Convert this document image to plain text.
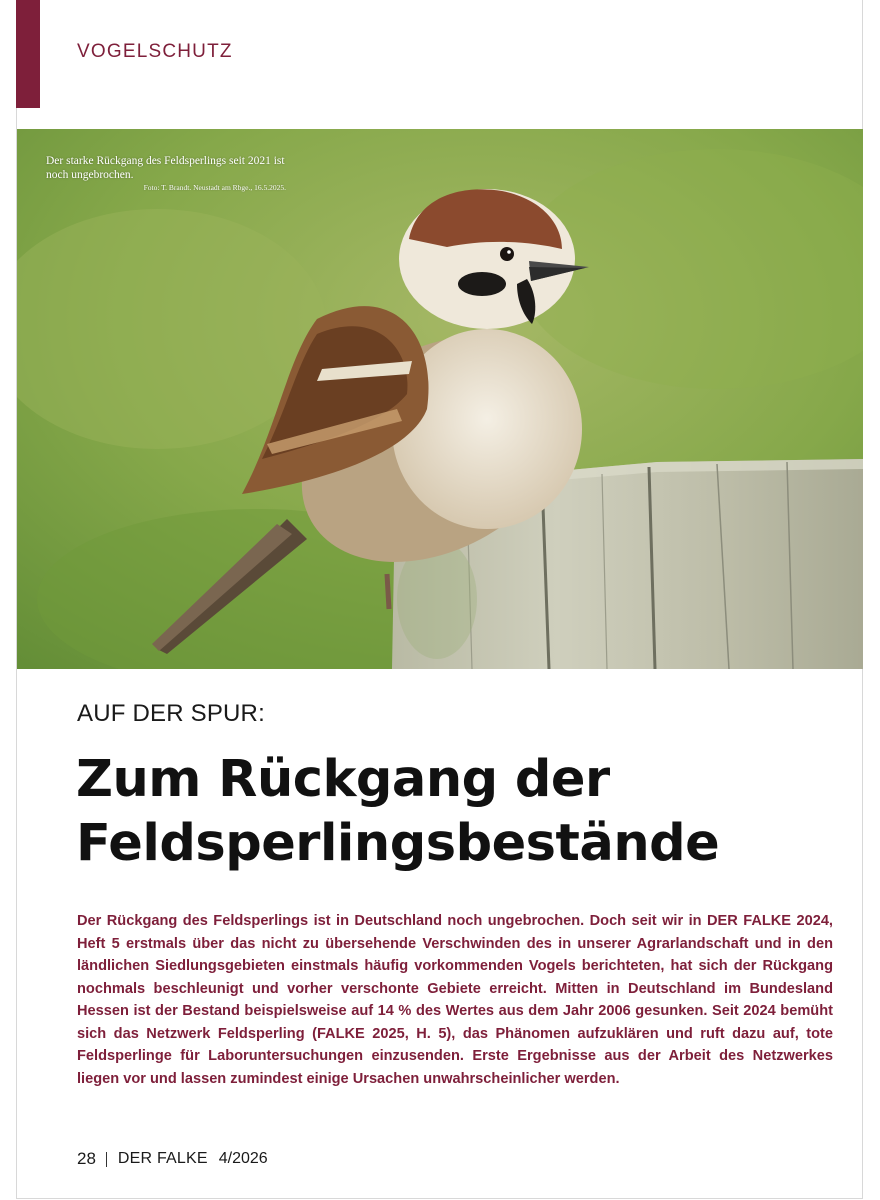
VOGELSCHUTZ
Der starke Rückgang des Feldsperlings seit 2021 ist noch ungebrochen.
Foto: T. Brandt. Neustadt am Rbge., 16.5.2025.
AUF DER SPUR:
Zum Rückgang der
Feldsperlingsbestände

Der Rückgang des Feldsperlings ist in Deutschland noch ungebrochen. Doch seit wir in DER FALKE 2024, Heft 5 erstmals über das nicht zu übersehende Verschwinden des in unserer Agrarlandschaft und in den ländlichen Siedlungsgebieten einstmals häufig vorkommenden Vogels berichteten, hat sich der Rückgang nochmals beschleunigt und vorher verschonte Gebiete erreicht. Mitten in Deutschland im Bundesland Hessen ist der Bestand beispielsweise auf 14 % des Wertes aus dem Jahr 2006 gesunken. Seit 2024 bemüht sich das Netzwerk Feldsperling (FALKE 2025, H. 5), das Phänomen aufzuklären und ruft dazu auf, tote Feldsperlinge für Laboruntersuchungen einzusenden. Erste Ergebnisse aus der Arbeit des Netzwerkes liegen vor und lassen zumindest einige Ursachen unwahrscheinlicher werden.

28 DER FALKE 4/2026
